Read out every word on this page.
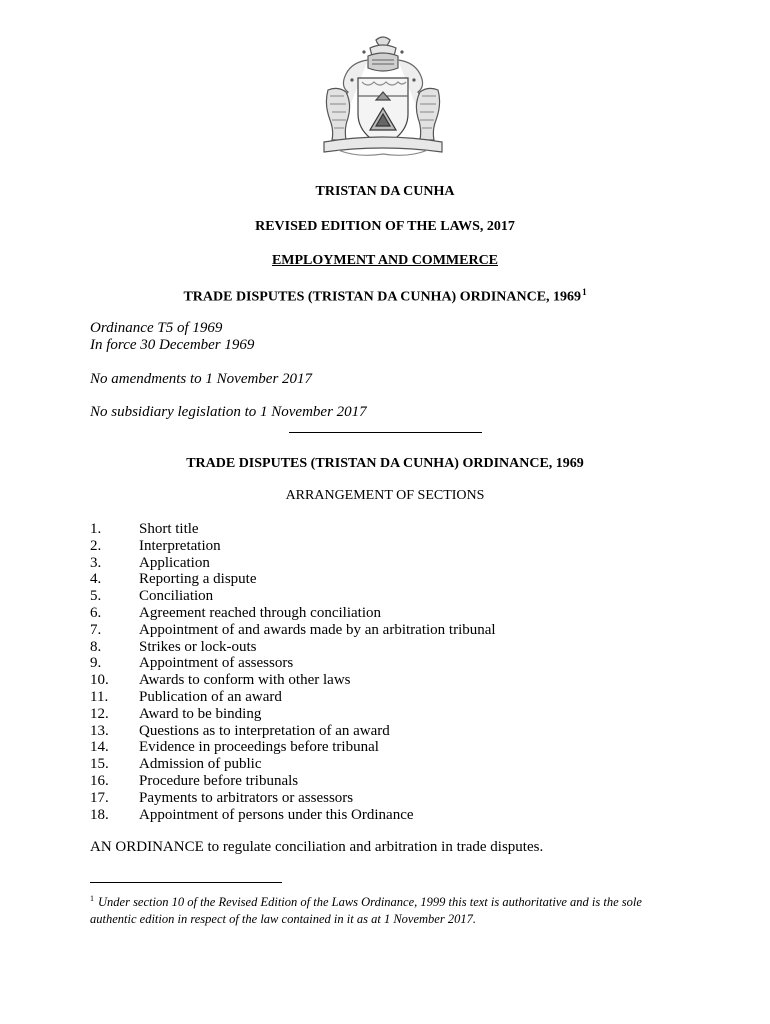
TRISTAN DA CUNHA
REVISED EDITION OF THE LAWS, 2017
EMPLOYMENT AND COMMERCE
TRADE DISPUTES (TRISTAN DA CUNHA) ORDINANCE, 1969$^1$
Ordinance T5 of 1969
In force 30 December 1969
No amendments to 1 November 2017
No subsidiary legislation to 1 November 2017
TRADE DISPUTES (TRISTAN DA CUNHA) ORDINANCE, 1969
ARRANGEMENT OF SECTIONS
1.	Short title
2.	Interpretation
3.	Application
4.	Reporting a dispute
5.	Conciliation
6.	Agreement reached through conciliation
7.	Appointment of and awards made by an arbitration tribunal
8.	Strikes or lock-outs
9.	Appointment of assessors
10.	Awards to conform with other laws
11.	Publication of an award
12.	Award to be binding
13.	Questions as to interpretation of an award
14.	Evidence in proceedings before tribunal
15.	Admission of public
16.	Procedure before tribunals
17.	Payments to arbitrators or assessors
18.	Appointment of persons under this Ordinance
AN ORDINANCE to regulate conciliation and arbitration in trade disputes.
$^1$ Under section 10 of the Revised Edition of the Laws Ordinance, 1999 this text is authoritative and is the sole authentic edition in respect of the law contained in it as at 1 November 2017.
